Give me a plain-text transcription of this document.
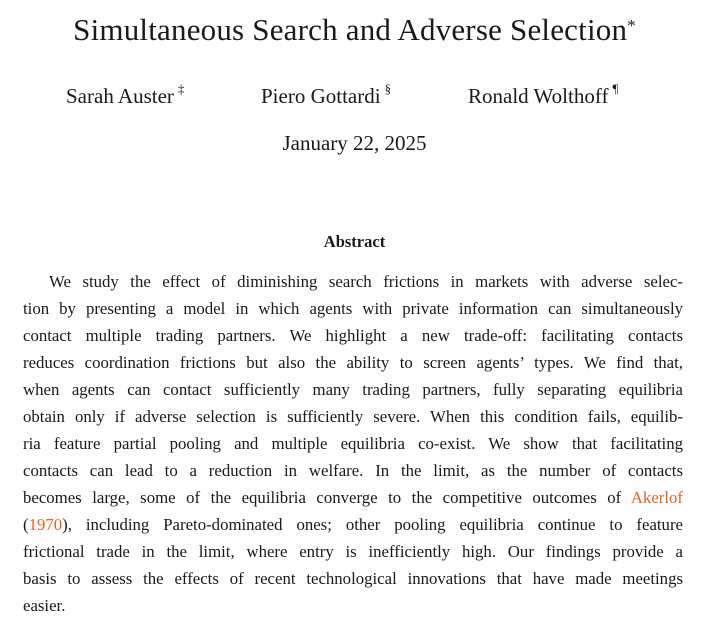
Simultaneous Search and Adverse Selection*
Sarah Auster ‡	Piero Gottardi §	Ronald Wolthoff ¶
January 22, 2025
Abstract
We study the effect of diminishing search frictions in markets with adverse selec-
tion by presenting a model in which agents with private information can simultaneously
contact multiple trading partners. We highlight a new trade-off: facilitating contacts
reduces coordination frictions but also the ability to screen agents’ types. We find that,
when agents can contact sufficiently many trading partners, fully separating equilibria
obtain only if adverse selection is sufficiently severe. When this condition fails, equilib-
ria feature partial pooling and multiple equilibria co-exist. We show that facilitating
contacts can lead to a reduction in welfare. In the limit, as the number of contacts
becomes large, some of the equilibria converge to the competitive outcomes of Akerlof
(1970), including Pareto-dominated ones; other pooling equilibria continue to feature
frictional trade in the limit, where entry is inefficiently high. Our findings provide a
basis to assess the effects of recent technological innovations that have made meetings
easier.
